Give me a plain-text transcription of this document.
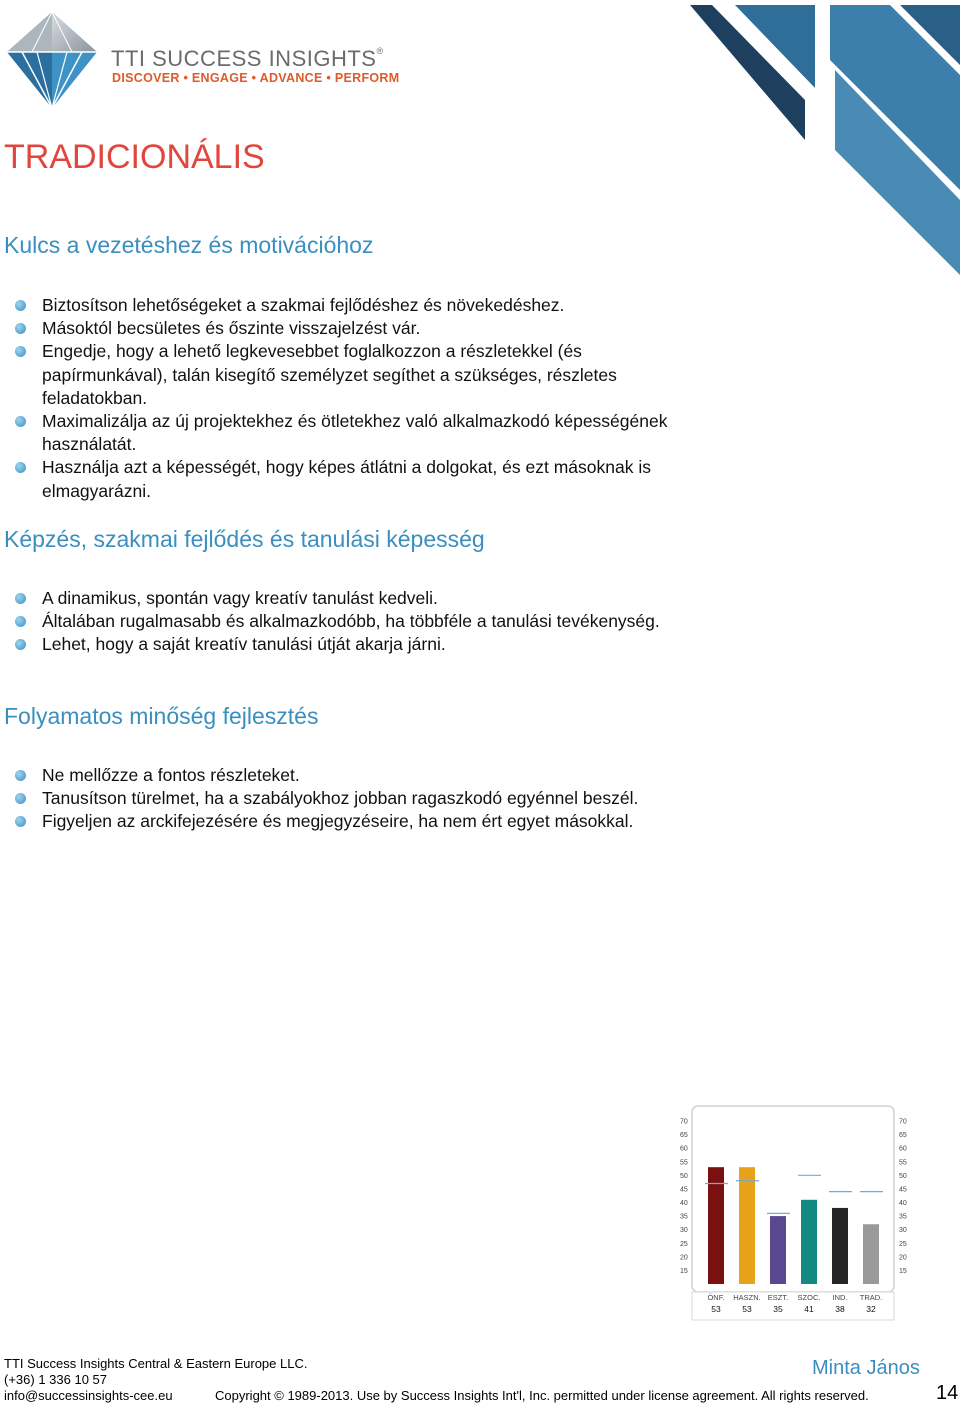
TTI SUCCESS INSIGHTS®
DISCOVER • ENGAGE • ADVANCE • PERFORM
TRADICIONÁLIS
Kulcs a vezetéshez és motivációhoz
Biztosítson lehetőségeket a szakmai fejlődéshez és növekedéshez.
Másoktól becsületes és őszinte visszajelzést vár.
Engedje, hogy a lehető legkevesebbet foglalkozzon a részletekkel (és papírmunkával), talán kisegítő személyzet segíthet a szükséges, részletes feladatokban.
Maximalizálja az új projektekhez és ötletekhez való alkalmazkodó képességének használatát.
Használja azt a képességét, hogy képes átlátni a dolgokat, és ezt másoknak is elmagyarázni.
Képzés, szakmai fejlődés és tanulási képesség
A dinamikus, spontán vagy kreatív tanulást kedveli.
Általában rugalmasabb és alkalmazkodóbb, ha többféle a tanulási tevékenység.
Lehet, hogy a saját kreatív tanulási útját akarja járni.
Folyamatos minőség fejlesztés
Ne mellőzze a fontos részleteket.
Tanusítson türelmet, ha a szabályokhoz jobban ragaszkodó egyénnel beszél.
Figyeljen az arckifejezésére és megjegyzéseire, ha nem ért egyet másokkal.
70	70
65	65
60	60
55	55
50	50
45	45
40	40
35	35
30	30
25	25
20	20
15	15
ÖNF.
53
HASZN.
53
ESZT.
35
SZOC.
41
IND.
38
TRAD.
32
TTI Success Insights Central & Eastern Europe LLC.
(+36) 1 336 10 57
info@successinsights-cee.eu	Copyright © 1989-2013. Use by Success Insights Int'l, Inc. permitted under license agreement. All rights reserved.
Minta János
14
